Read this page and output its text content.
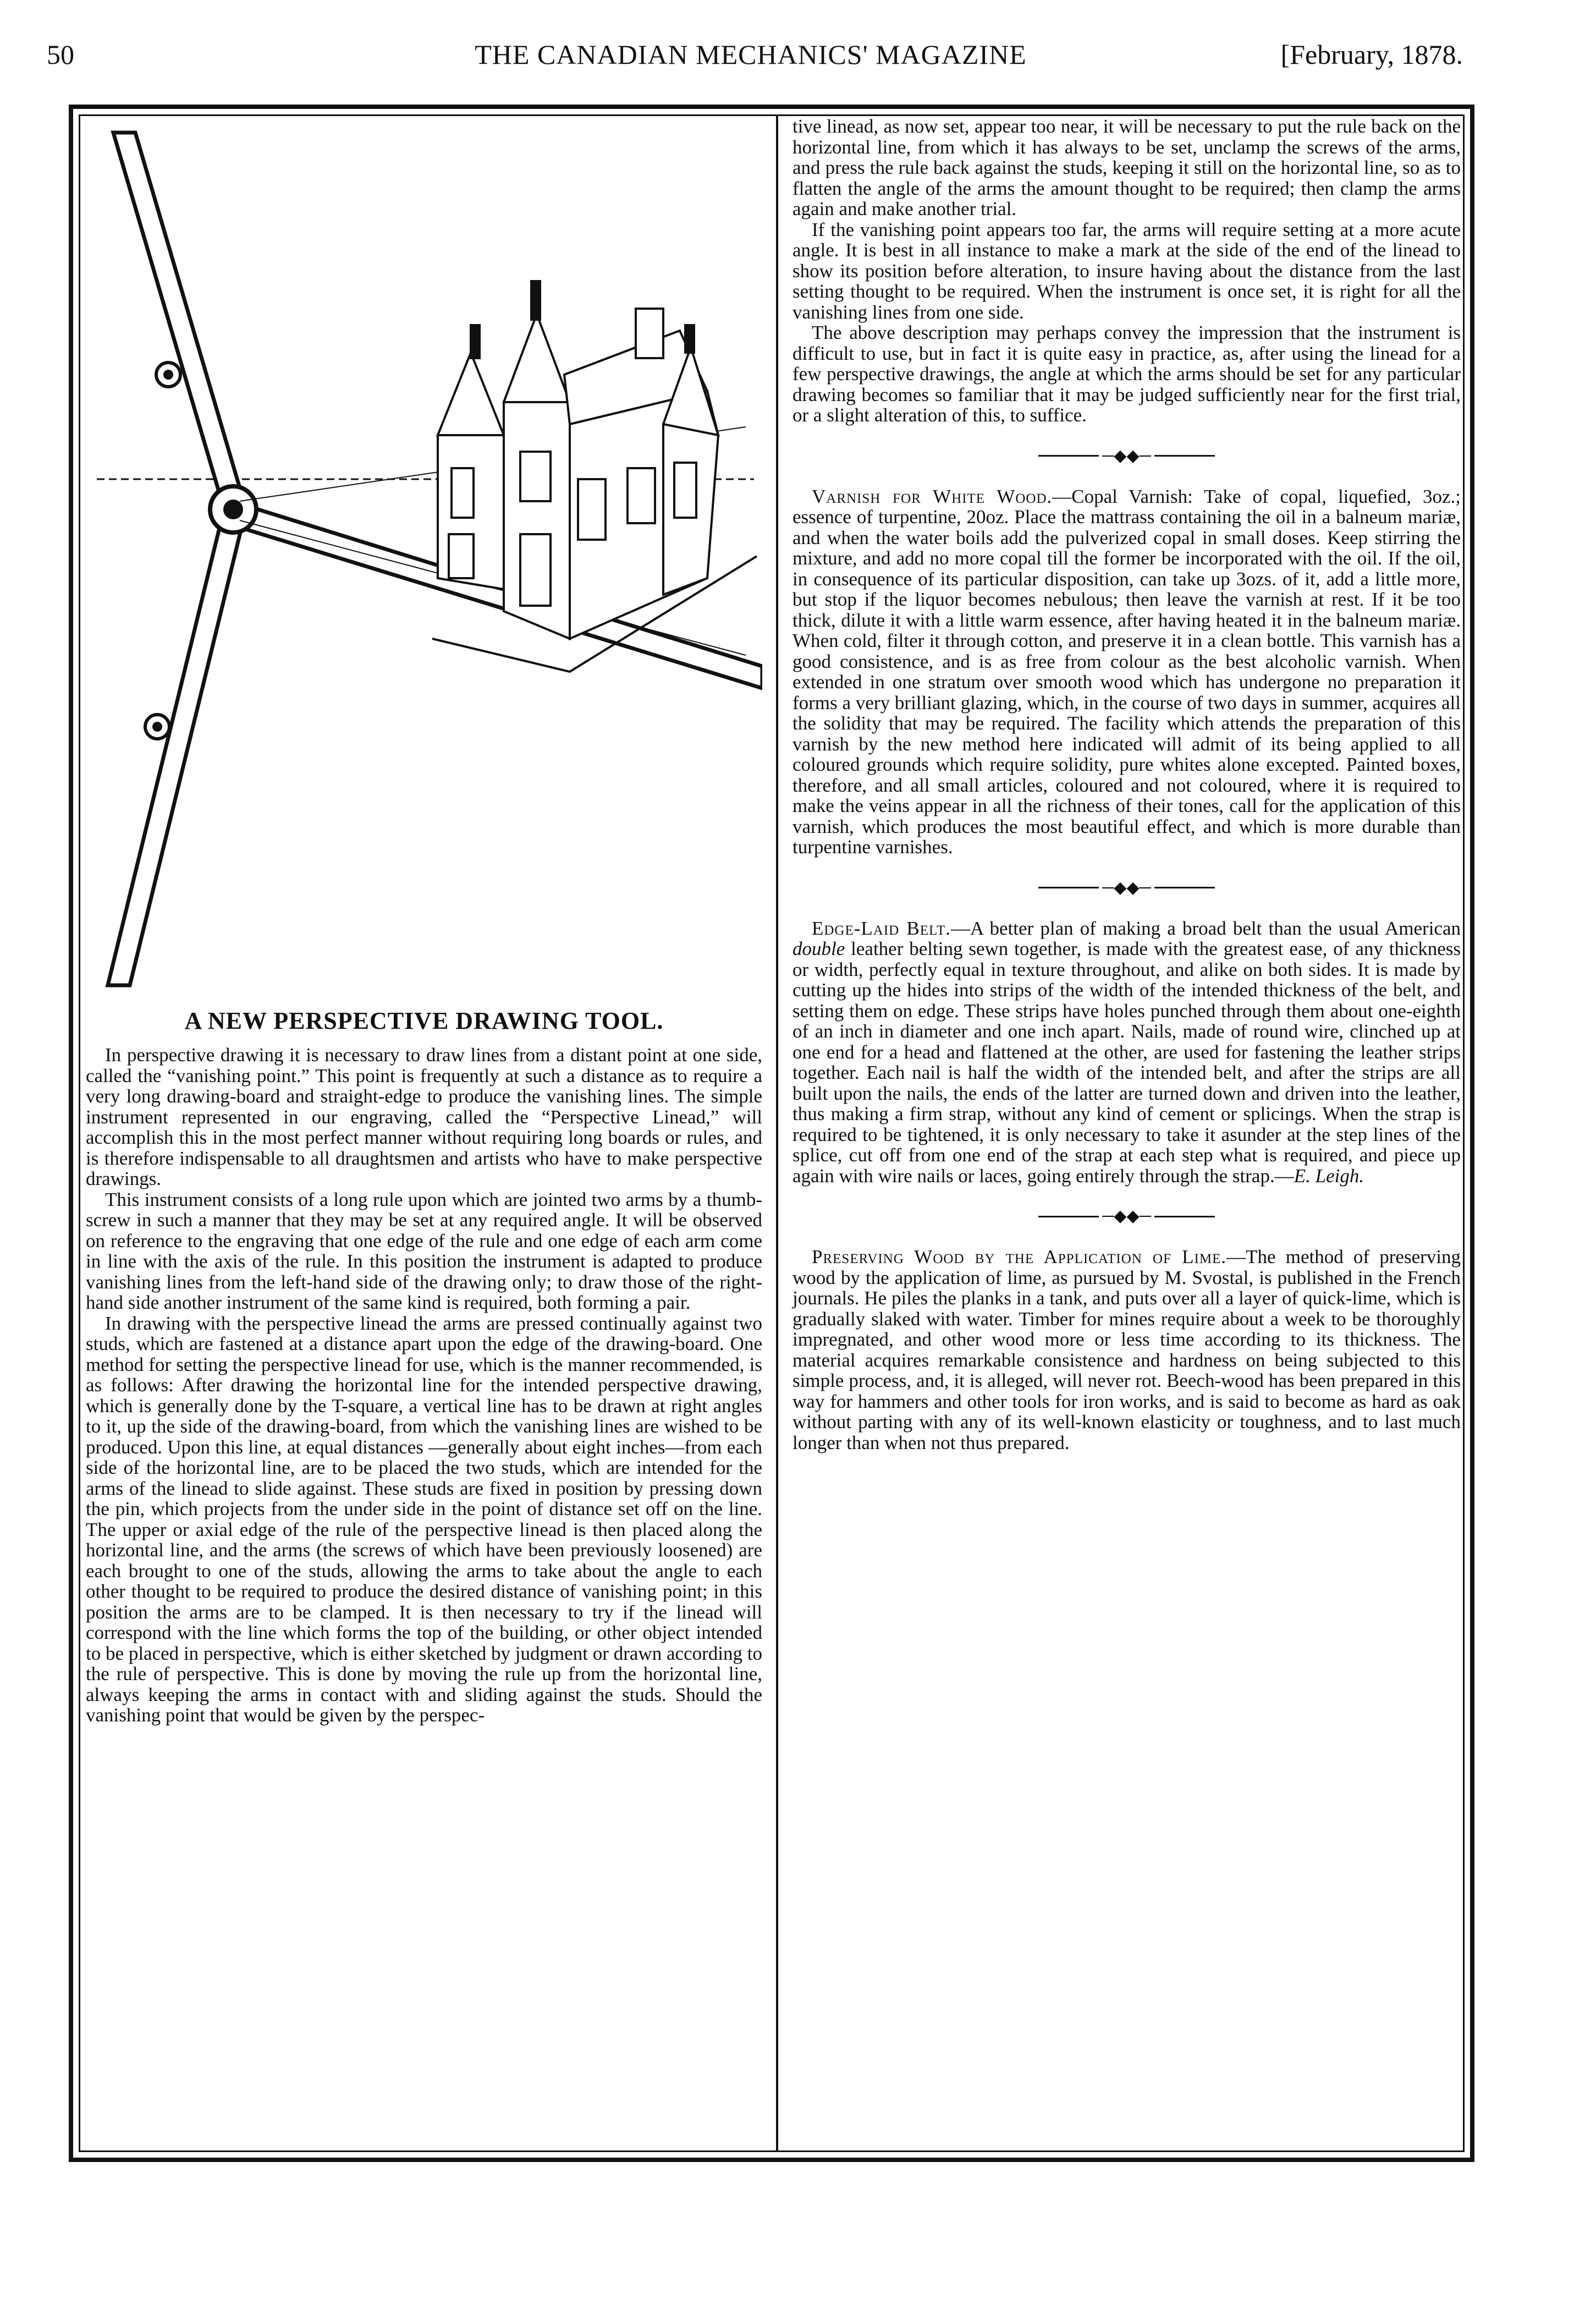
50	THE CANADIAN MECHANICS' MAGAZINE	[February, 1878.
A NEW PERSPECTIVE DRAWING TOOL.

In perspective drawing it is necessary to draw lines from a distant point at one side, called the “vanishing point.” This point is frequently at such a distance as to require a very long drawing-board and straight-edge to produce the vanishing lines. The simple instrument represented in our engraving, called the “Perspective Linead,” will accomplish this in the most perfect manner without requiring long boards or rules, and is therefore indispensable to all draughtsmen and artists who have to make perspective drawings.

This instrument consists of a long rule upon which are jointed two arms by a thumb-screw in such a manner that they may be set at any required angle. It will be observed on reference to the engraving that one edge of the rule and one edge of each arm come in line with the axis of the rule. In this position the instrument is adapted to produce vanishing lines from the left-hand side of the drawing only; to draw those of the right-hand side another instrument of the same kind is required, both forming a pair.

In drawing with the perspective linead the arms are pressed continually against two studs, which are fastened at a distance apart upon the edge of the drawing-board. One method for setting the perspective linead for use, which is the manner recommended, is as follows: After drawing the horizontal line for the intended perspective drawing, which is generally done by the T-square, a vertical line has to be drawn at right angles to it, up the side of the drawing-board, from which the vanishing lines are wished to be produced. Upon this line, at equal distances —generally about eight inches—from each side of the horizontal line, are to be placed the two studs, which are intended for the arms of the linead to slide against. These studs are fixed in position by pressing down the pin, which projects from the under side in the point of distance set off on the line. The upper or axial edge of the rule of the perspective linead is then placed along the horizontal line, and the arms (the screws of which have been previously loosened) are each brought to one of the studs, allowing the arms to take about the angle to each other thought to be required to produce the desired distance of vanishing point; in this position the arms are to be clamped. It is then necessary to try if the linead will correspond with the line which forms the top of the building, or other object intended to be placed in perspective, which is either sketched by judgment or drawn according to the rule of perspective. This is done by moving the rule up from the horizontal line, always keeping the arms in contact with and sliding against the studs. Should the vanishing point that would be given by the perspec-

tive linead, as now set, appear too near, it will be necessary to put the rule back on the horizontal line, from which it has always to be set, unclamp the screws of the arms, and press the rule back against the studs, keeping it still on the horizontal line, so as to flatten the angle of the arms the amount thought to be required; then clamp the arms again and make another trial.

If the vanishing point appears too far, the arms will require setting at a more acute angle. It is best in all instance to make a mark at the side of the end of the linead to show its position before alteration, to insure having about the distance from the last setting thought to be required. When the instrument is once set, it is right for all the vanishing lines from one side.

The above description may perhaps convey the impression that the instrument is difficult to use, but in fact it is quite easy in practice, as, after using the linead for a few perspective drawings, the angle at which the arms should be set for any particular drawing becomes so familiar that it may be judged sufficiently near for the first trial, or a slight alteration of this, to suffice.

─◆◆─

Varnish for White Wood.—Copal Varnish: Take of copal, liquefied, 3oz.; essence of turpentine, 20oz. Place the mattrass containing the oil in a balneum mariæ, and when the water boils add the pulverized copal in small doses. Keep stirring the mixture, and add no more copal till the former be incorporated with the oil. If the oil, in consequence of its particular disposition, can take up 3ozs. of it, add a little more, but stop if the liquor becomes nebulous; then leave the varnish at rest. If it be too thick, dilute it with a little warm essence, after having heated it in the balneum mariæ. When cold, filter it through cotton, and preserve it in a clean bottle. This varnish has a good consistence, and is as free from colour as the best alcoholic varnish. When extended in one stratum over smooth wood which has undergone no preparation it forms a very brilliant glazing, which, in the course of two days in summer, acquires all the solidity that may be required. The facility which attends the preparation of this varnish by the new method here indicated will admit of its being applied to all coloured grounds which require solidity, pure whites alone excepted. Painted boxes, therefore, and all small articles, coloured and not coloured, where it is required to make the veins appear in all the richness of their tones, call for the application of this varnish, which produces the most beautiful effect, and which is more durable than turpentine varnishes.

─◆◆─

Edge-Laid Belt.—A better plan of making a broad belt than the usual American double leather belting sewn together, is made with the greatest ease, of any thickness or width, perfectly equal in texture throughout, and alike on both sides. It is made by cutting up the hides into strips of the width of the intended thickness of the belt, and setting them on edge. These strips have holes punched through them about one-eighth of an inch in diameter and one inch apart. Nails, made of round wire, clinched up at one end for a head and flattened at the other, are used for fastening the leather strips together. Each nail is half the width of the intended belt, and after the strips are all built upon the nails, the ends of the latter are turned down and driven into the leather, thus making a firm strap, without any kind of cement or splicings. When the strap is required to be tightened, it is only necessary to take it asunder at the step lines of the splice, cut off from one end of the strap at each step what is required, and piece up again with wire nails or laces, going entirely through the strap.—E. Leigh.

─◆◆─

Preserving Wood by the Application of Lime.—The method of preserving wood by the application of lime, as pursued by M. Svostal, is published in the French journals. He piles the planks in a tank, and puts over all a layer of quick-lime, which is gradually slaked with water. Timber for mines require about a week to be thoroughly impregnated, and other wood more or less time according to its thickness. The material acquires remarkable consistence and hardness on being subjected to this simple process, and, it is alleged, will never rot. Beech-wood has been prepared in this way for hammers and other tools for iron works, and is said to become as hard as oak without parting with any of its well-known elasticity or toughness, and to last much longer than when not thus prepared.
